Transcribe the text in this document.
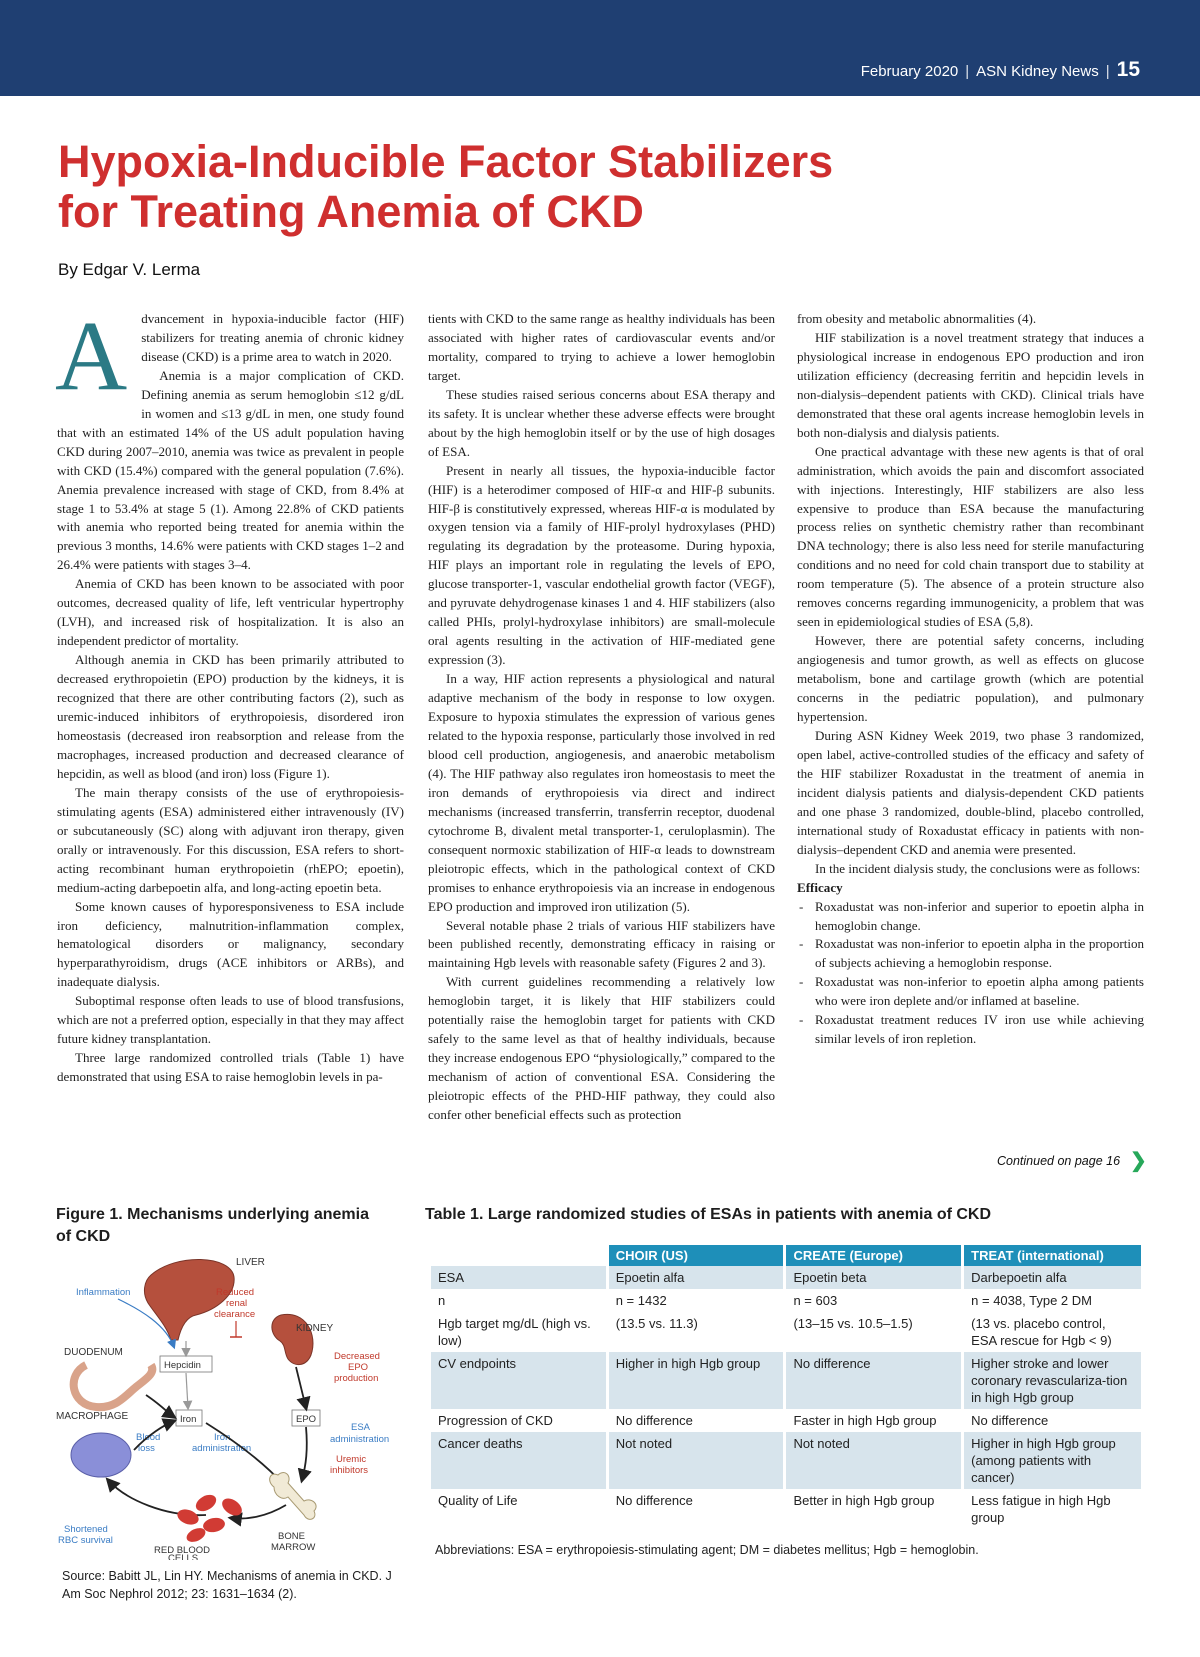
February 2020 | ASN Kidney News | 15
Hypoxia-Inducible Factor Stabilizers
for Treating Anemia of CKD
By Edgar V. Lerma

A dvancement in hypoxia-inducible factor (HIF) stabilizers for treating anemia of chronic kidney disease (CKD) is a prime area to watch in 2020.

Anemia is a major complication of CKD. Defining anemia as serum hemoglobin ≤12 g/dL in women and ≤13 g/dL in men, one study found that with an estimated 14% of the US adult population having CKD during 2007–2010, anemia was twice as prevalent in people with CKD (15.4%) compared with the general population (7.6%). Anemia prevalence increased with stage of CKD, from 8.4% at stage 1 to 53.4% at stage 5 (1). Among 22.8% of CKD patients with anemia who reported being treated for anemia within the previous 3 months, 14.6% were patients with CKD stages 1–2 and 26.4% were patients with stages 3–4.

Anemia of CKD has been known to be associated with poor outcomes, decreased quality of life, left ventricular hypertrophy (LVH), and increased risk of hospitalization. It is also an independent predictor of mortality.

Although anemia in CKD has been primarily attributed to decreased erythropoietin (EPO) production by the kidneys, it is recognized that there are other contributing factors (2), such as uremic-induced inhibitors of erythropoiesis, disordered iron homeostasis (decreased iron reabsorption and release from the macrophages, increased production and decreased clearance of hepcidin, as well as blood (and iron) loss (Figure 1).

The main therapy consists of the use of erythropoiesis-stimulating agents (ESA) administered either intravenously (IV) or subcutaneously (SC) along with adjuvant iron therapy, given orally or intravenously. For this discussion, ESA refers to short-acting recombinant human erythropoietin (rhEPO; epoetin), medium-acting darbepoetin alfa, and long-acting epoetin beta.

Some known causes of hyporesponsiveness to ESA include iron deficiency, malnutrition-inflammation complex, hematological disorders or malignancy, secondary hyperparathyroidism, drugs (ACE inhibitors or ARBs), and inadequate dialysis.

Suboptimal response often leads to use of blood transfusions, which are not a preferred option, especially in that they may affect future kidney transplantation.

Three large randomized controlled trials (Table 1) have demonstrated that using ESA to raise hemoglobin levels in pa-

tients with CKD to the same range as healthy individuals has been associated with higher rates of cardiovascular events and/or mortality, compared to trying to achieve a lower hemoglobin target.

These studies raised serious concerns about ESA therapy and its safety. It is unclear whether these adverse effects were brought about by the high hemoglobin itself or by the use of high dosages of ESA.

Present in nearly all tissues, the hypoxia-inducible factor (HIF) is a heterodimer composed of HIF-α and HIF-β subunits. HIF-β is constitutively expressed, whereas HIF-α is modulated by oxygen tension via a family of HIF-prolyl hydroxylases (PHD) regulating its degradation by the proteasome. During hypoxia, HIF plays an important role in regulating the levels of EPO, glucose transporter-1, vascular endothelial growth factor (VEGF), and pyruvate dehydrogenase kinases 1 and 4. HIF stabilizers (also called PHIs, prolyl-hydroxylase inhibitors) are small-molecule oral agents resulting in the activation of HIF-mediated gene expression (3).

In a way, HIF action represents a physiological and natural adaptive mechanism of the body in response to low oxygen. Exposure to hypoxia stimulates the expression of various genes related to the hypoxia response, particularly those involved in red blood cell production, angiogenesis, and anaerobic metabolism (4). The HIF pathway also regulates iron homeostasis to meet the iron demands of erythropoiesis via direct and indirect mechanisms (increased transferrin, transferrin receptor, duodenal cytochrome B, divalent metal transporter-1, ceruloplasmin). The consequent normoxic stabilization of HIF-α leads to downstream pleiotropic effects, which in the pathological context of CKD promises to enhance erythropoiesis via an increase in endogenous EPO production and improved iron utilization (5).

Several notable phase 2 trials of various HIF stabilizers have been published recently, demonstrating efficacy in raising or maintaining Hgb levels with reasonable safety (Figures 2 and 3).

With current guidelines recommending a relatively low hemoglobin target, it is likely that HIF stabilizers could potentially raise the hemoglobin target for patients with CKD safely to the same level as that of healthy individuals, because they increase endogenous EPO “physiologically,” compared to the mechanism of action of conventional ESA. Considering the pleiotropic effects of the PHD-HIF pathway, they could also confer other beneficial effects such as protection

from obesity and metabolic abnormalities (4).

HIF stabilization is a novel treatment strategy that induces a physiological increase in endogenous EPO production and iron utilization efficiency (decreasing ferritin and hepcidin levels in non-dialysis–dependent patients with CKD). Clinical trials have demonstrated that these oral agents increase hemoglobin levels in both non-dialysis and dialysis patients.

One practical advantage with these new agents is that of oral administration, which avoids the pain and discomfort associated with injections. Interestingly, HIF stabilizers are also less expensive to produce than ESA because the manufacturing process relies on synthetic chemistry rather than recombinant DNA technology; there is also less need for sterile manufacturing conditions and no need for cold chain transport due to stability at room temperature (5). The absence of a protein structure also removes concerns regarding immunogenicity, a problem that was seen in epidemiological studies of ESA (5,8).

However, there are potential safety concerns, including angiogenesis and tumor growth, as well as effects on glucose metabolism, bone and cartilage growth (which are potential concerns in the pediatric population), and pulmonary hypertension.

During ASN Kidney Week 2019, two phase 3 randomized, open label, active-controlled studies of the efficacy and safety of the HIF stabilizer Roxadustat in the treatment of anemia in incident dialysis patients and dialysis-dependent CKD patients and one phase 3 randomized, double-blind, placebo controlled, international study of Roxadustat efficacy in patients with non-dialysis–dependent CKD and anemia were presented.

In the incident dialysis study, the conclusions were as follows:

Efficacy

- Roxadustat was non-inferior and superior to epoetin alpha in hemoglobin change.
- Roxadustat was non-inferior to epoetin alpha in the proportion of subjects achieving a hemoglobin response.
- Roxadustat was non-inferior to epoetin alpha among patients who were iron deplete and/or inflamed at baseline.
- Roxadustat treatment reduces IV iron use while achieving similar levels of iron repletion.
Continued on page 16 ❯
Figure 1. Mechanisms underlying anemia of CKD
LIVER
Inflammation	Reduced
renal
clearance
KIDNEY
DUODENUM
Hepcidin
Decreased
EPO
production
MACROPHAGE	Iron	EPO
ESA
administration
Blood
loss
Iron
administration
Uremic
inhibitors
BONE
MARROW
RED BLOOD
CELLS
Shortened
RBC survival
Source: Babitt JL, Lin HY. Mechanisms of anemia in CKD. J Am Soc Nephrol 2012; 23: 1631–1634 (2).
Table 1. Large randomized studies of ESAs in patients with anemia of CKD
	CHOIR (US)	CREATE (Europe)	TREAT (international)
ESA	Epoetin alfa	Epoetin beta	Darbepoetin alfa
n	n = 1432	n = 603	n = 4038, Type 2 DM
Hgb target mg/dL (high vs. low)	(13.5 vs. 11.3)	(13–15 vs. 10.5–1.5)	(13 vs. placebo control, ESA rescue for Hgb < 9)
CV endpoints	Higher in high Hgb group	No difference	Higher stroke and lower coronary revasculariza-tion in high Hgb group
Progression of CKD	No difference	Faster in high Hgb group	No difference
Cancer deaths	Not noted	Not noted	Higher in high Hgb group (among patients with cancer)
Quality of Life	No difference	Better in high Hgb group	Less fatigue in high Hgb group
Abbreviations: ESA = erythropoiesis-stimulating agent; DM = diabetes mellitus; Hgb = hemoglobin.
